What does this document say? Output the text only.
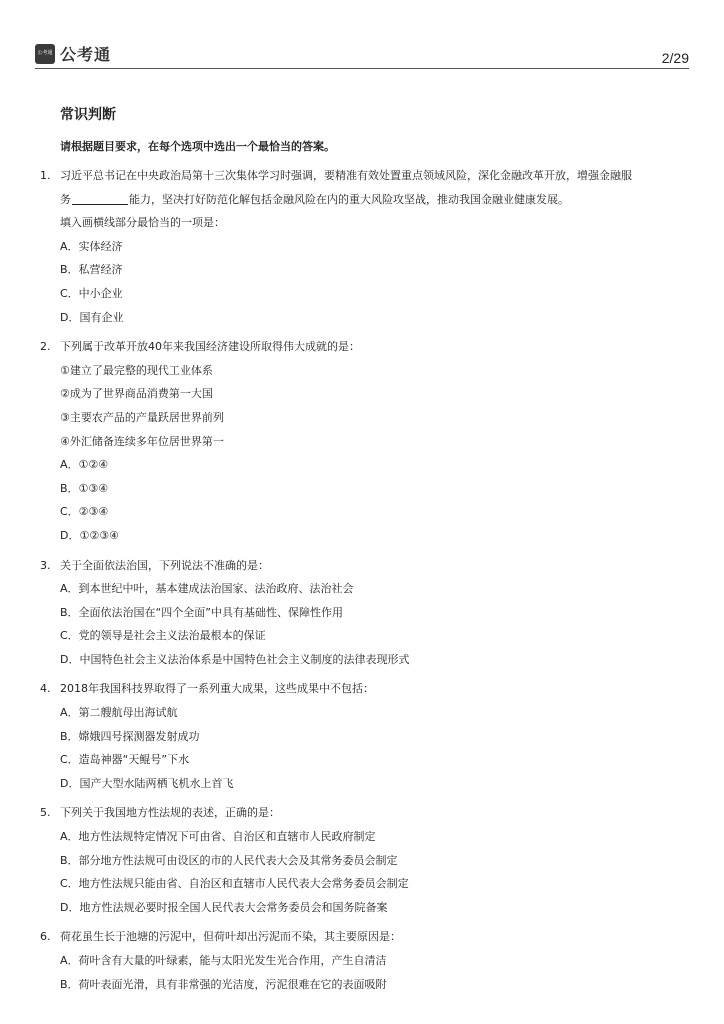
公考通 公考通	2/29
常识判断
请根据题目要求，在每个选项中选出一个最恰当的答案。
1. 习近平总书记在中央政治局第十三次集体学习时强调，要精准有效处置重点领域风险，深化金融改革开放，增强金融服
务	能力，坚决打好防范化解包括金融风险在内的重大风险攻坚战，推动我国金融业健康发展。
填入画横线部分最恰当的一项是：
A．实体经济
B．私营经济
C．中小企业
D．国有企业
2. 下列属于改革开放40年来我国经济建设所取得伟大成就的是：
①建立了最完整的现代工业体系
②成为了世界商品消费第一大国
③主要农产品的产量跃居世界前列
④外汇储备连续多年位居世界第一
A．①②④
B．①③④
C．②③④
D．①②③④
3. 关于全面依法治国，下列说法不准确的是：
A．到本世纪中叶，基本建成法治国家、法治政府、法治社会
B．全面依法治国在“四个全面”中具有基础性、保障性作用
C．党的领导是社会主义法治最根本的保证
D．中国特色社会主义法治体系是中国特色社会主义制度的法律表现形式
4. 2018年我国科技界取得了一系列重大成果，这些成果中不包括：
A．第二艘航母出海试航
B．嫦娥四号探测器发射成功
C．造岛神器“天鲲号”下水
D．国产大型水陆两栖飞机水上首飞
5. 下列关于我国地方性法规的表述，正确的是：
A．地方性法规特定情况下可由省、自治区和直辖市人民政府制定
B．部分地方性法规可由设区的市的人民代表大会及其常务委员会制定
C．地方性法规只能由省、自治区和直辖市人民代表大会常务委员会制定
D．地方性法规必要时报全国人民代表大会常务委员会和国务院备案
6. 荷花虽生长于池塘的污泥中，但荷叶却出污泥而不染，其主要原因是：
A．荷叶含有大量的叶绿素，能与太阳光发生光合作用，产生自清洁
B．荷叶表面光滑，具有非常强的光洁度，污泥很难在它的表面吸附
